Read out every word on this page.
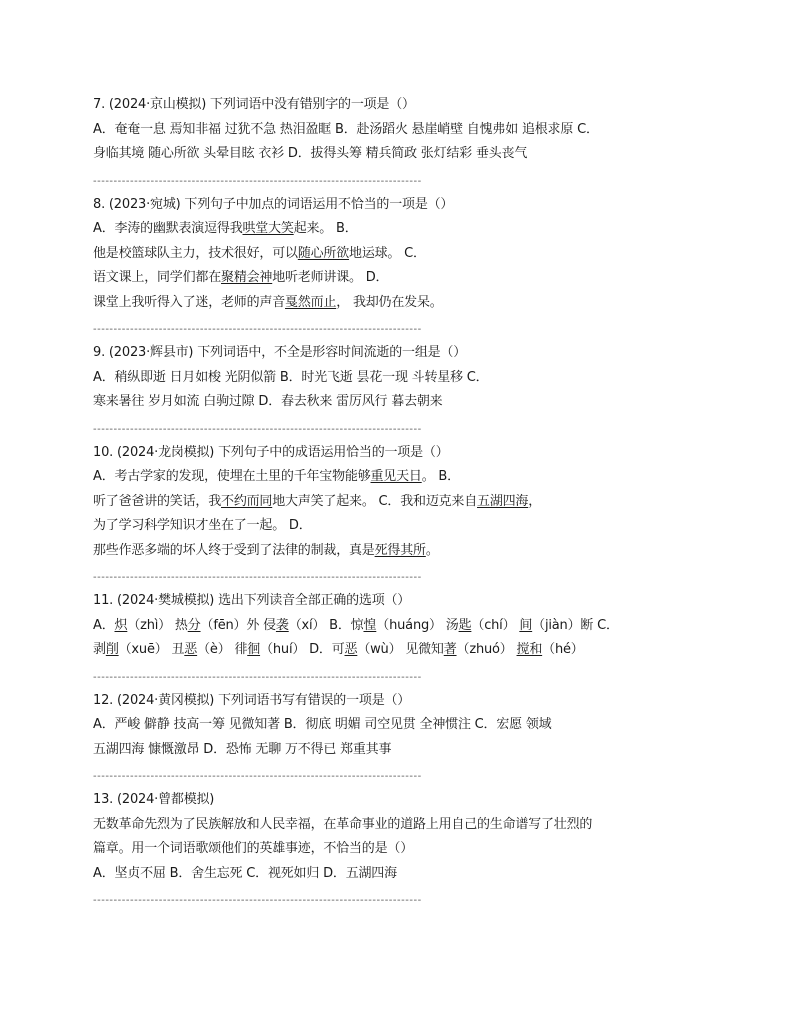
7. (2024·京山模拟) 下列词语中没有错别字的一项是（）
A．奄奄一息 焉知非福 过犹不急 热泪盈眶 B．赴汤蹈火 悬崖峭壁 自愧弗如 追根求原 C．
身临其境 随心所欲 头晕目眩 衣衫 D．拔得头筹 精兵简政 张灯结彩 垂头丧气
--------------------------------------------------------------------------------
8. (2023·宛城) 下列句子中加点的词语运用不恰当的一项是（）
A．李涛的幽默表演逗得我哄堂大笑起来。 B．
他是校篮球队主力，技术很好，可以随心所欲地运球。 C．
语文课上，同学们都在聚精会神地听老师讲课。 D．
课堂上我听得入了迷，老师的声音戛然而止， 我却仍在发呆。
--------------------------------------------------------------------------------
9. (2023·辉县市) 下列词语中，不全是形容时间流逝的一组是（）
A．稍纵即逝 日月如梭 光阴似箭 B．时光飞逝 昙花一现 斗转星移 C．
寒来暑往 岁月如流 白驹过隙 D．春去秋来 雷厉风行 暮去朝来
--------------------------------------------------------------------------------
10. (2024·龙岗模拟) 下列句子中的成语运用恰当的一项是（）
A．考古学家的发现，使埋在土里的千年宝物能够重见天日。 B．
听了爸爸讲的笑话，我不约而同地大声笑了起来。 C．我和迈克来自五湖四海，
为了学习科学知识才坐在了一起。 D．
那些作恶多端的坏人终于受到了法律的制裁，真是死得其所。
--------------------------------------------------------------------------------
11. (2024·樊城模拟) 选出下列读音全部正确的选项（）
A．炽（zhì） 热分（fēn）外 侵袭（xí） B．惊惶（huáng） 汤匙（chí） 间（jiàn）断 C．
剥削（xuē） 丑恶（è） 徘徊（huí） D．可恶（wù） 见微知著（zhuó） 搅和（hé）
--------------------------------------------------------------------------------
12. (2024·黄冈模拟) 下列词语书写有错误的一项是（）
A．严峻 僻静 技高一筹 见微知著 B．彻底 明媚 司空见贯 全神惯注 C．宏愿 领域
五湖四海 慷慨激昂 D．恐怖 无聊 万不得已 郑重其事
--------------------------------------------------------------------------------
13. (2024·曾都模拟)
无数革命先烈为了民族解放和人民幸福，在革命事业的道路上用自己的生命谱写了壮烈的
篇章。用一个词语歌颂他们的英雄事迹，不恰当的是（）
A．坚贞不屈 B．舍生忘死 C．视死如归 D．五湖四海
--------------------------------------------------------------------------------
